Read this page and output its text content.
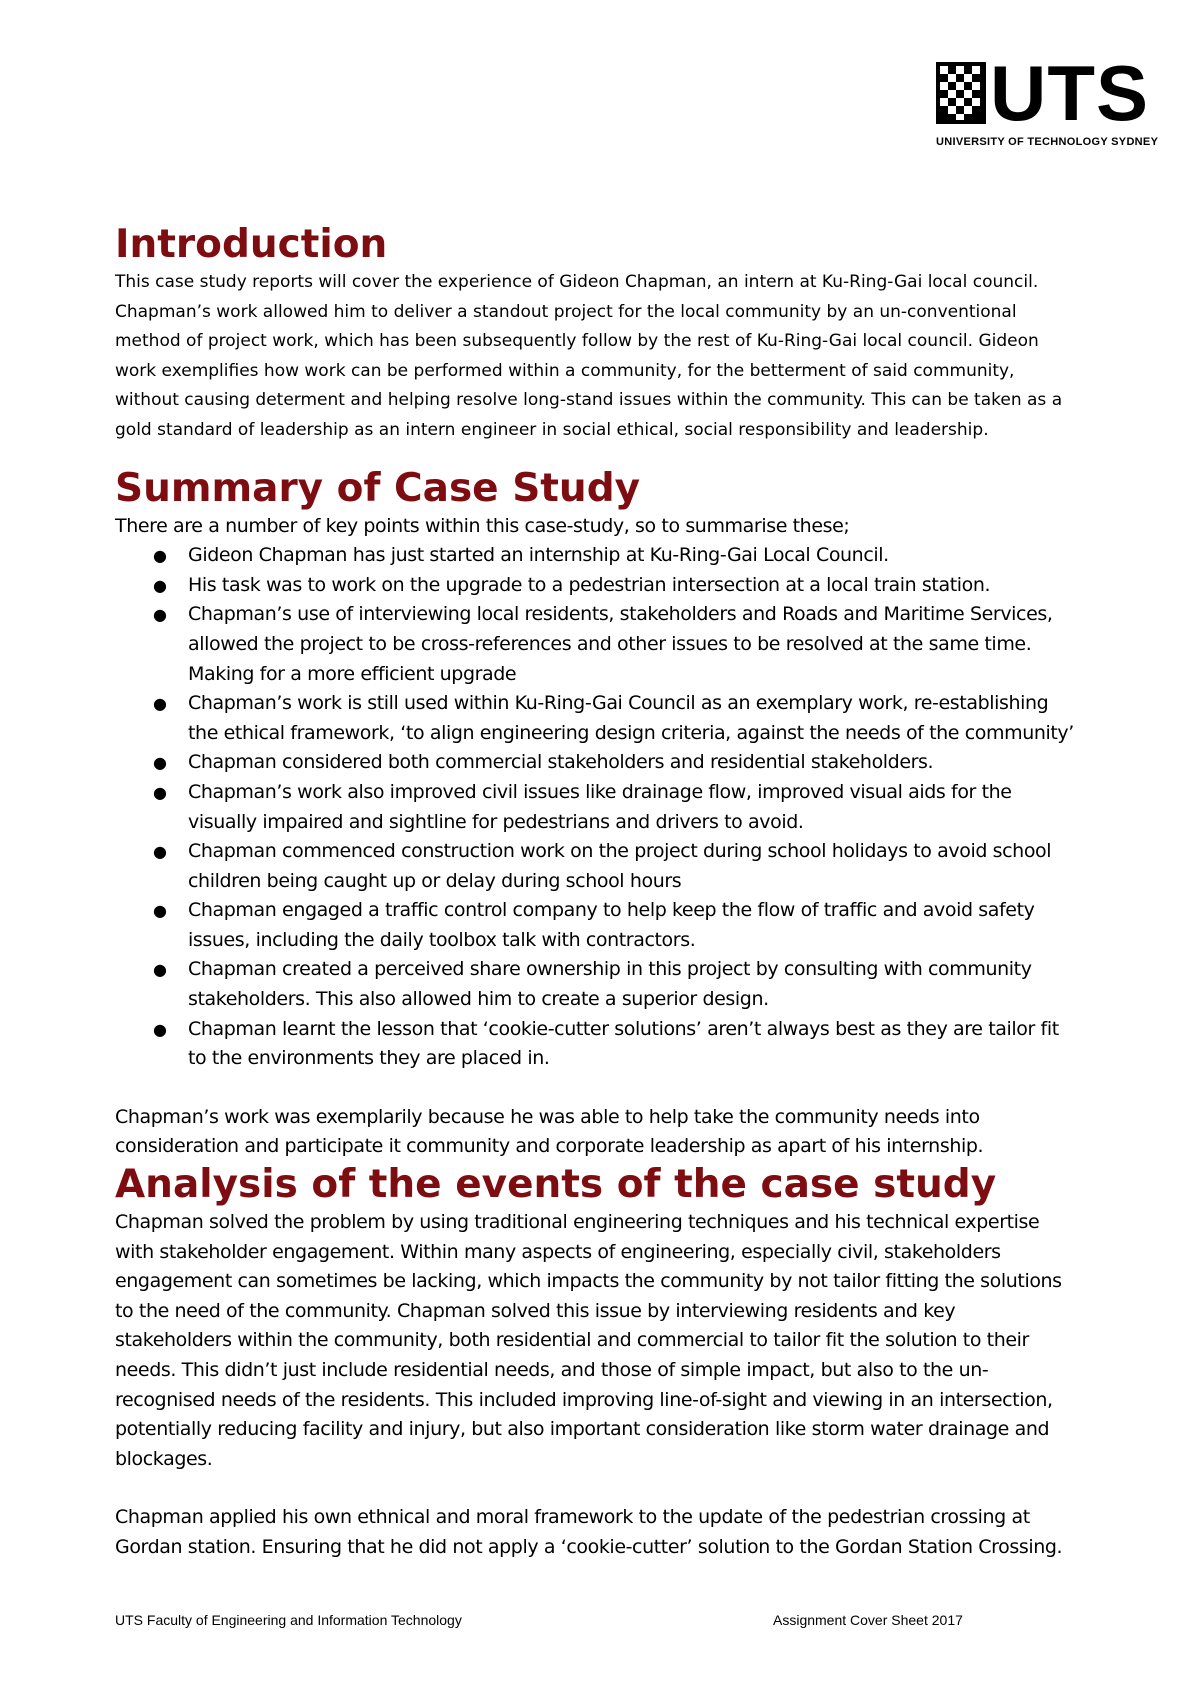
UTS
UNIVERSITY OF TECHNOLOGY SYDNEY
Introduction

This case study reports will cover the experience of Gideon Chapman, an intern at Ku-Ring-Gai local council.
Chapman’s work allowed him to deliver a standout project for the local community by an un-conventional
method of project work, which has been subsequently follow by the rest of Ku-Ring-Gai local council. Gideon
work exemplifies how work can be performed within a community, for the betterment of said community,
without causing determent and helping resolve long-stand issues within the community. This can be taken as a
gold standard of leadership as an intern engineer in social ethical, social responsibility and leadership.

Summary of Case Study

There are a number of key points within this case-study, so to summarise these;

● Gideon Chapman has just started an internship at Ku-Ring-Gai Local Council.
● His task was to work on the upgrade to a pedestrian intersection at a local train station.
● Chapman’s use of interviewing local residents, stakeholders and Roads and Maritime Services,
allowed the project to be cross-references and other issues to be resolved at the same time.
Making for a more efficient upgrade
● Chapman’s work is still used within Ku-Ring-Gai Council as an exemplary work, re-establishing
the ethical framework, ‘to align engineering design criteria, against the needs of the community’
● Chapman considered both commercial stakeholders and residential stakeholders.
● Chapman’s work also improved civil issues like drainage flow, improved visual aids for the
visually impaired and sightline for pedestrians and drivers to avoid.
● Chapman commenced construction work on the project during school holidays to avoid school
children being caught up or delay during school hours
● Chapman engaged a traffic control company to help keep the flow of traffic and avoid safety
issues, including the daily toolbox talk with contractors.
● Chapman created a perceived share ownership in this project by consulting with community
stakeholders. This also allowed him to create a superior design.
● Chapman learnt the lesson that ‘cookie-cutter solutions’ aren’t always best as they are tailor fit
to the environments they are placed in.

Chapman’s work was exemplarily because he was able to help take the community needs into
consideration and participate it community and corporate leadership as apart of his internship.

Analysis of the events of the case study

Chapman solved the problem by using traditional engineering techniques and his technical expertise
with stakeholder engagement. Within many aspects of engineering, especially civil, stakeholders
engagement can sometimes be lacking, which impacts the community by not tailor fitting the solutions
to the need of the community. Chapman solved this issue by interviewing residents and key
stakeholders within the community, both residential and commercial to tailor fit the solution to their
needs. This didn’t just include residential needs, and those of simple impact, but also to the un-
recognised needs of the residents. This included improving line-of-sight and viewing in an intersection,
potentially reducing facility and injury, but also important consideration like storm water drainage and
blockages.

Chapman applied his own ethnical and moral framework to the update of the pedestrian crossing at
Gordan station. Ensuring that he did not apply a ‘cookie-cutter’ solution to the Gordan Station Crossing.

UTS Faculty of Engineering and Information Technology	Assignment Cover Sheet 2017
